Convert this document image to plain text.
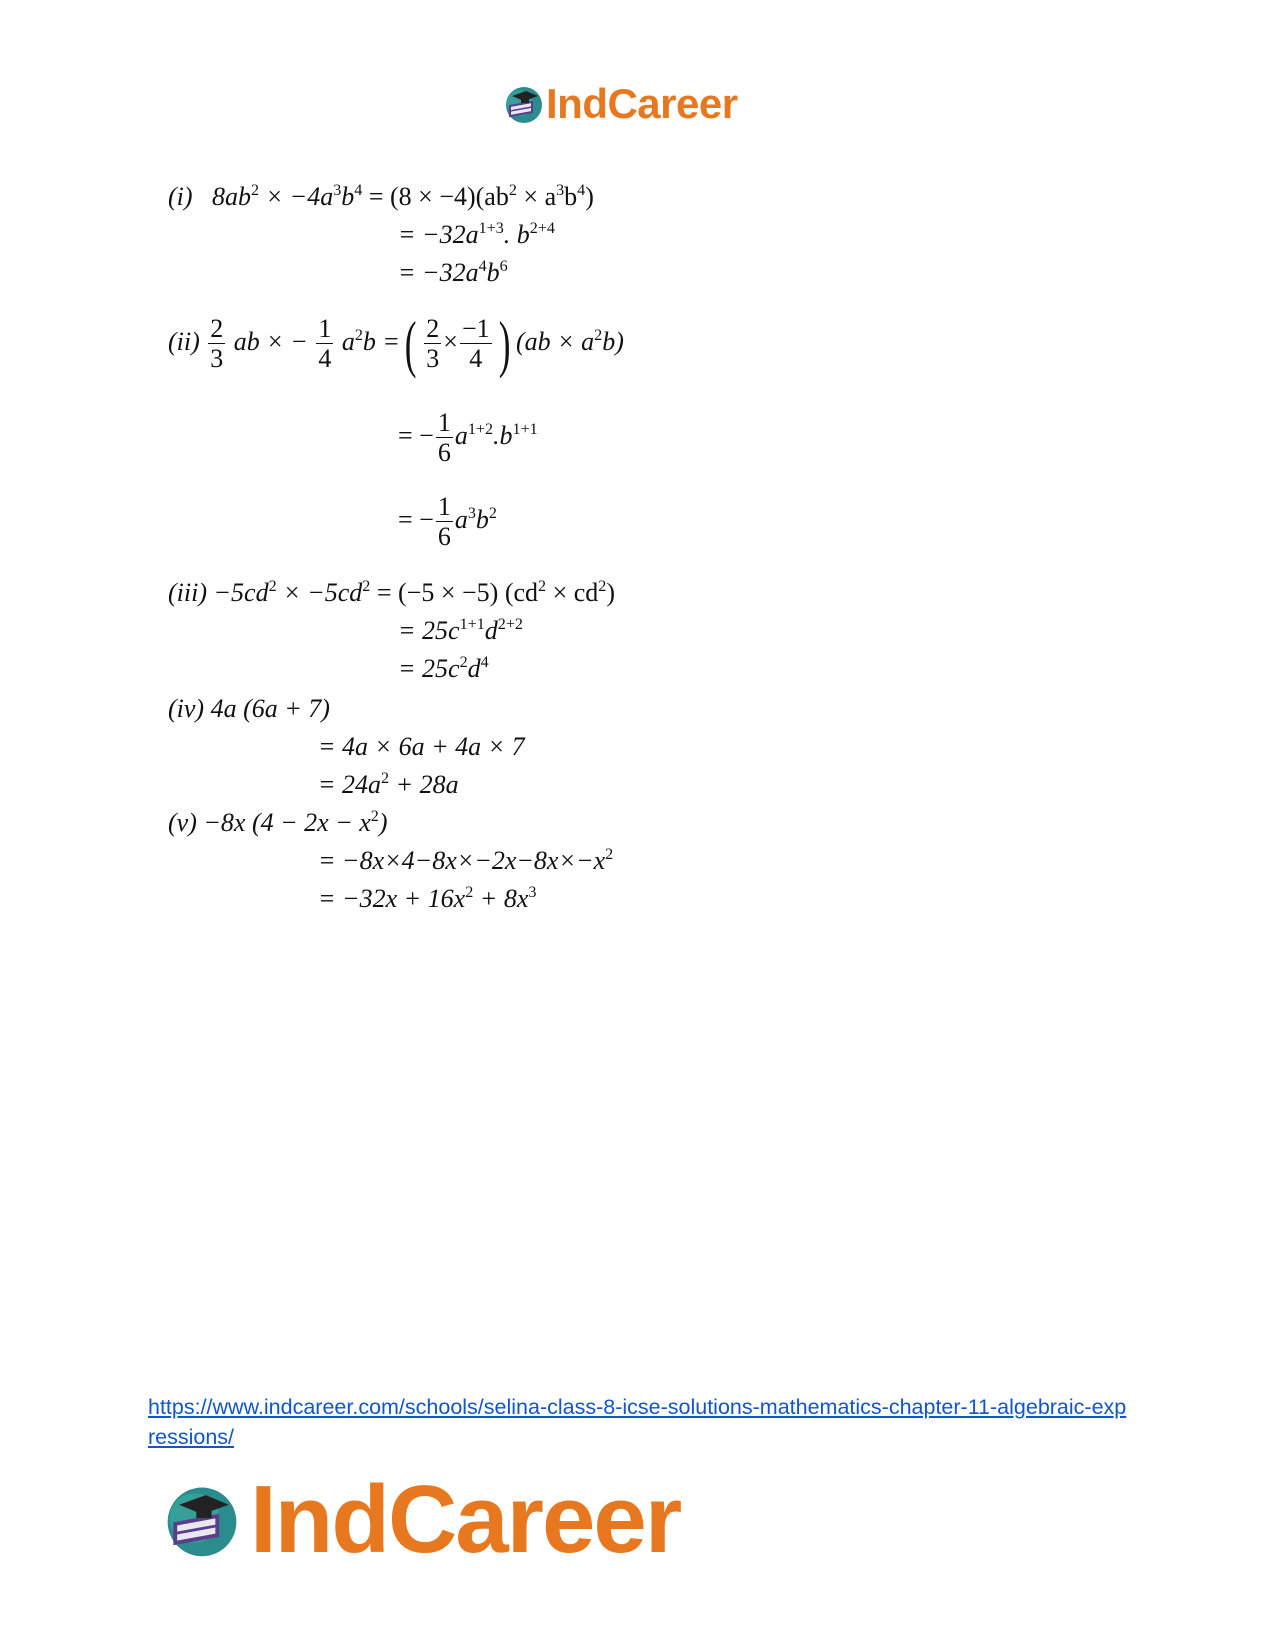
IndCareer
(i) $8ab^2 \times -4a^3b^4 = (8 \times -4)(ab^2 \times a^3b^4)$
= $-32a^{1+3}$. $b^{2+4}$
= $-32a^4b^6$
$(ii) \frac{2}{3}$ ab × − $\frac{1}{4} a^2b$ = ( $\frac{2}{3} \times \frac{-1}{4}$ ) $(ab \times a^2b)$
= − $\frac{1}{6} a^{1+2}.b^{1+1}$
= − $\frac{1}{6} a^3b^2$
$(iii) -5cd^2 \times -5cd^2 = (-5 \times -5) (cd^2 \times cd^2)$
= $25c^{1+1}d^{2+2}$
= $25c^2d^4$
(iv) 4a (6a + 7)
= 4a × 6a + 4a × 7
= $24a^2 + 28a$
(v) −8x $(4 - 2x - x^2)$
= $-8x\times 4-8x\times-2x-8x\times-x^2$
= $-32x + 16x^2 + 8x^3$
https://www.indcareer.com/schools/selina-class-8-icse-solutions-mathematics-chapter-11-algebraic-expressions/
IndCareer
